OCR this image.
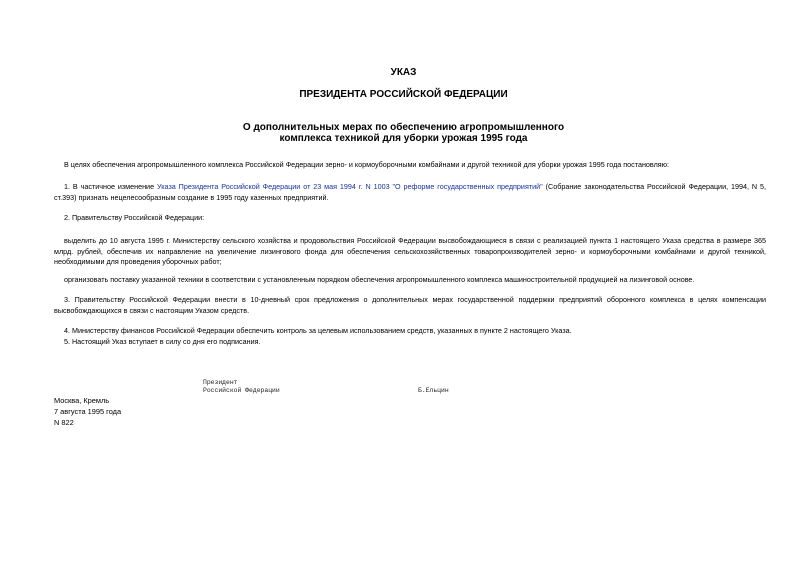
УКАЗ
ПРЕЗИДЕНТА РОССИЙСКОЙ ФЕДЕРАЦИИ
О дополнительных мерах по обеспечению агропромышленного
комплекса техникой для уборки урожая 1995 года
В целях обеспечения агропромышленного комплекса Российской Федерации зерно- и кормоуборочными комбайнами и другой техникой для уборки урожая 1995 года постановляю:
1. В частичное изменение Указа Президента Российской Федерации от 23 мая 1994 г. N 1003 "О реформе государственных предприятий" (Собрание законодательства Российской Федерации, 1994, N 5, ст.393) признать нецелесообразным создание в 1995 году казенных предприятий.
2. Правительству Российской Федерации:
выделить до 10 августа 1995 г. Министерству сельского хозяйства и продовольствия Российской Федерации высвобождающиеся в связи с реализацией пункта 1 настоящего Указа средства в размере 365 млрд. рублей, обеспечив их направление на увеличение лизингового фонда для обеспечения сельскохозяйственных товаропроизводителей зерно- и кормоуборочными комбайнами и другой техникой, необходимыми для проведения уборочных работ;
организовать поставку указанной техники в соответствии с установленным порядком обеспечения агропромышленного комплекса машиностроительной продукцией на лизинговой основе.
3. Правительству Российской Федерации внести в 10-дневный срок предложения о дополнительных мерах государственной поддержки предприятий оборонного комплекса в целях компенсации высвобождающихся в связи с настоящим Указом средств.
4. Министерству финансов Российской Федерации обеспечить контроль за целевым использованием средств, указанных в пункте 2 настоящего Указа.
5. Настоящий Указ вступает в силу со дня его подписания.
Президент
Российской Федерации	Б.Ельцин
Москва, Кремль
7 августа 1995 года
N 822
